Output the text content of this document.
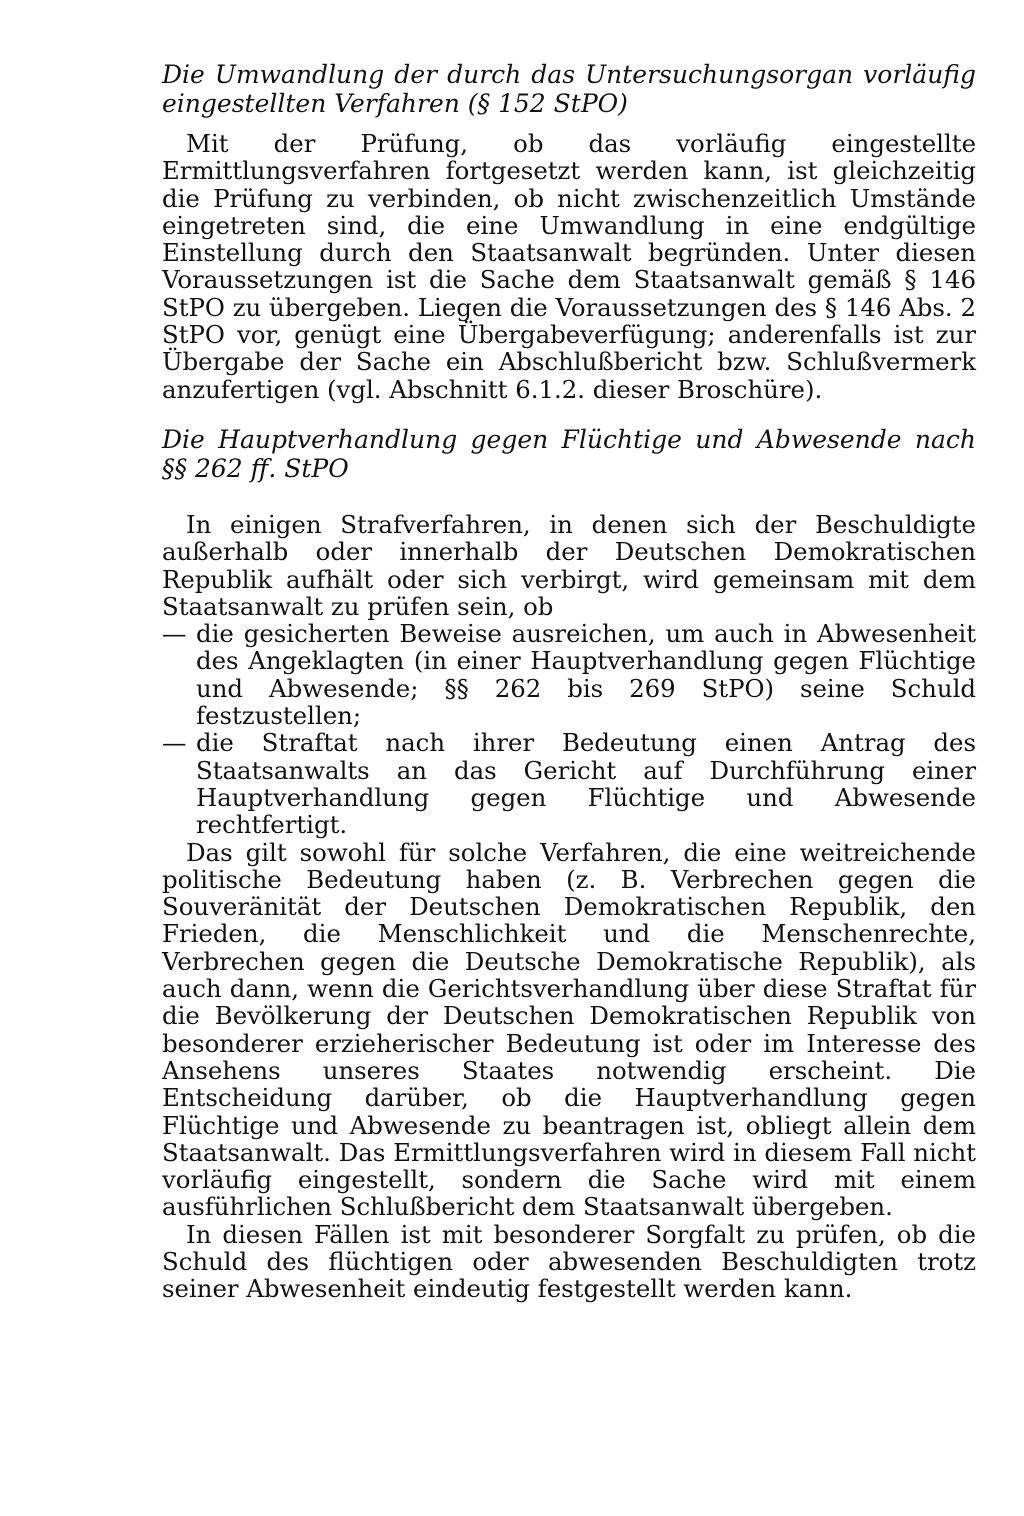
Die Umwandlung der durch das Untersuchungsorgan vorläufig eingestellten Verfahren (§ 152 StPO)

Mit der Prüfung, ob das vorläufig eingestellte Ermittlungsverfahren fortgesetzt werden kann, ist gleichzeitig die Prüfung zu verbinden, ob nicht zwischenzeitlich Umstände eingetreten sind, die eine Umwandlung in eine endgültige Einstellung durch den Staatsanwalt begründen. Unter diesen Voraussetzungen ist die Sache dem Staatsanwalt gemäß § 146 StPO zu übergeben. Liegen die Voraussetzungen des § 146 Abs. 2 StPO vor, genügt eine Übergabeverfügung; anderenfalls ist zur Übergabe der Sache ein Abschlußbericht bzw. Schlußvermerk anzufertigen (vgl. Abschnitt 6.1.2. dieser Broschüre).

Die Hauptverhandlung gegen Flüchtige und Abwesende nach §§ 262 ff. StPO

In einigen Strafverfahren, in denen sich der Beschuldigte außerhalb oder innerhalb der Deutschen Demokratischen Republik aufhält oder sich verbirgt, wird gemeinsam mit dem Staatsanwalt zu prüfen sein, ob

— die gesicherten Beweise ausreichen, um auch in Abwesenheit des Angeklagten (in einer Hauptverhandlung gegen Flüchtige und Abwesende; §§ 262 bis 269 StPO) seine Schuld festzustellen;
— die Straftat nach ihrer Bedeutung einen Antrag des Staatsanwalts an das Gericht auf Durchführung einer Hauptverhandlung gegen Flüchtige und Abwesende rechtfertigt.

Das gilt sowohl für solche Verfahren, die eine weitreichende politische Bedeutung haben (z. B. Verbrechen gegen die Souveränität der Deutschen Demokratischen Republik, den Frieden, die Menschlichkeit und die Menschenrechte, Verbrechen gegen die Deutsche Demokratische Republik), als auch dann, wenn die Gerichtsverhandlung über diese Straftat für die Bevölkerung der Deutschen Demokratischen Republik von besonderer erzieherischer Bedeutung ist oder im Interesse des Ansehens unseres Staates notwendig erscheint. Die Entscheidung darüber, ob die Hauptverhandlung gegen Flüchtige und Abwesende zu beantragen ist, obliegt allein dem Staatsanwalt. Das Ermittlungsverfahren wird in diesem Fall nicht vorläufig eingestellt, sondern die Sache wird mit einem ausführlichen Schlußbericht dem Staatsanwalt übergeben.

In diesen Fällen ist mit besonderer Sorgfalt zu prüfen, ob die Schuld des flüchtigen oder abwesenden Beschuldigten trotz seiner Abwesenheit eindeutig festgestellt werden kann.
